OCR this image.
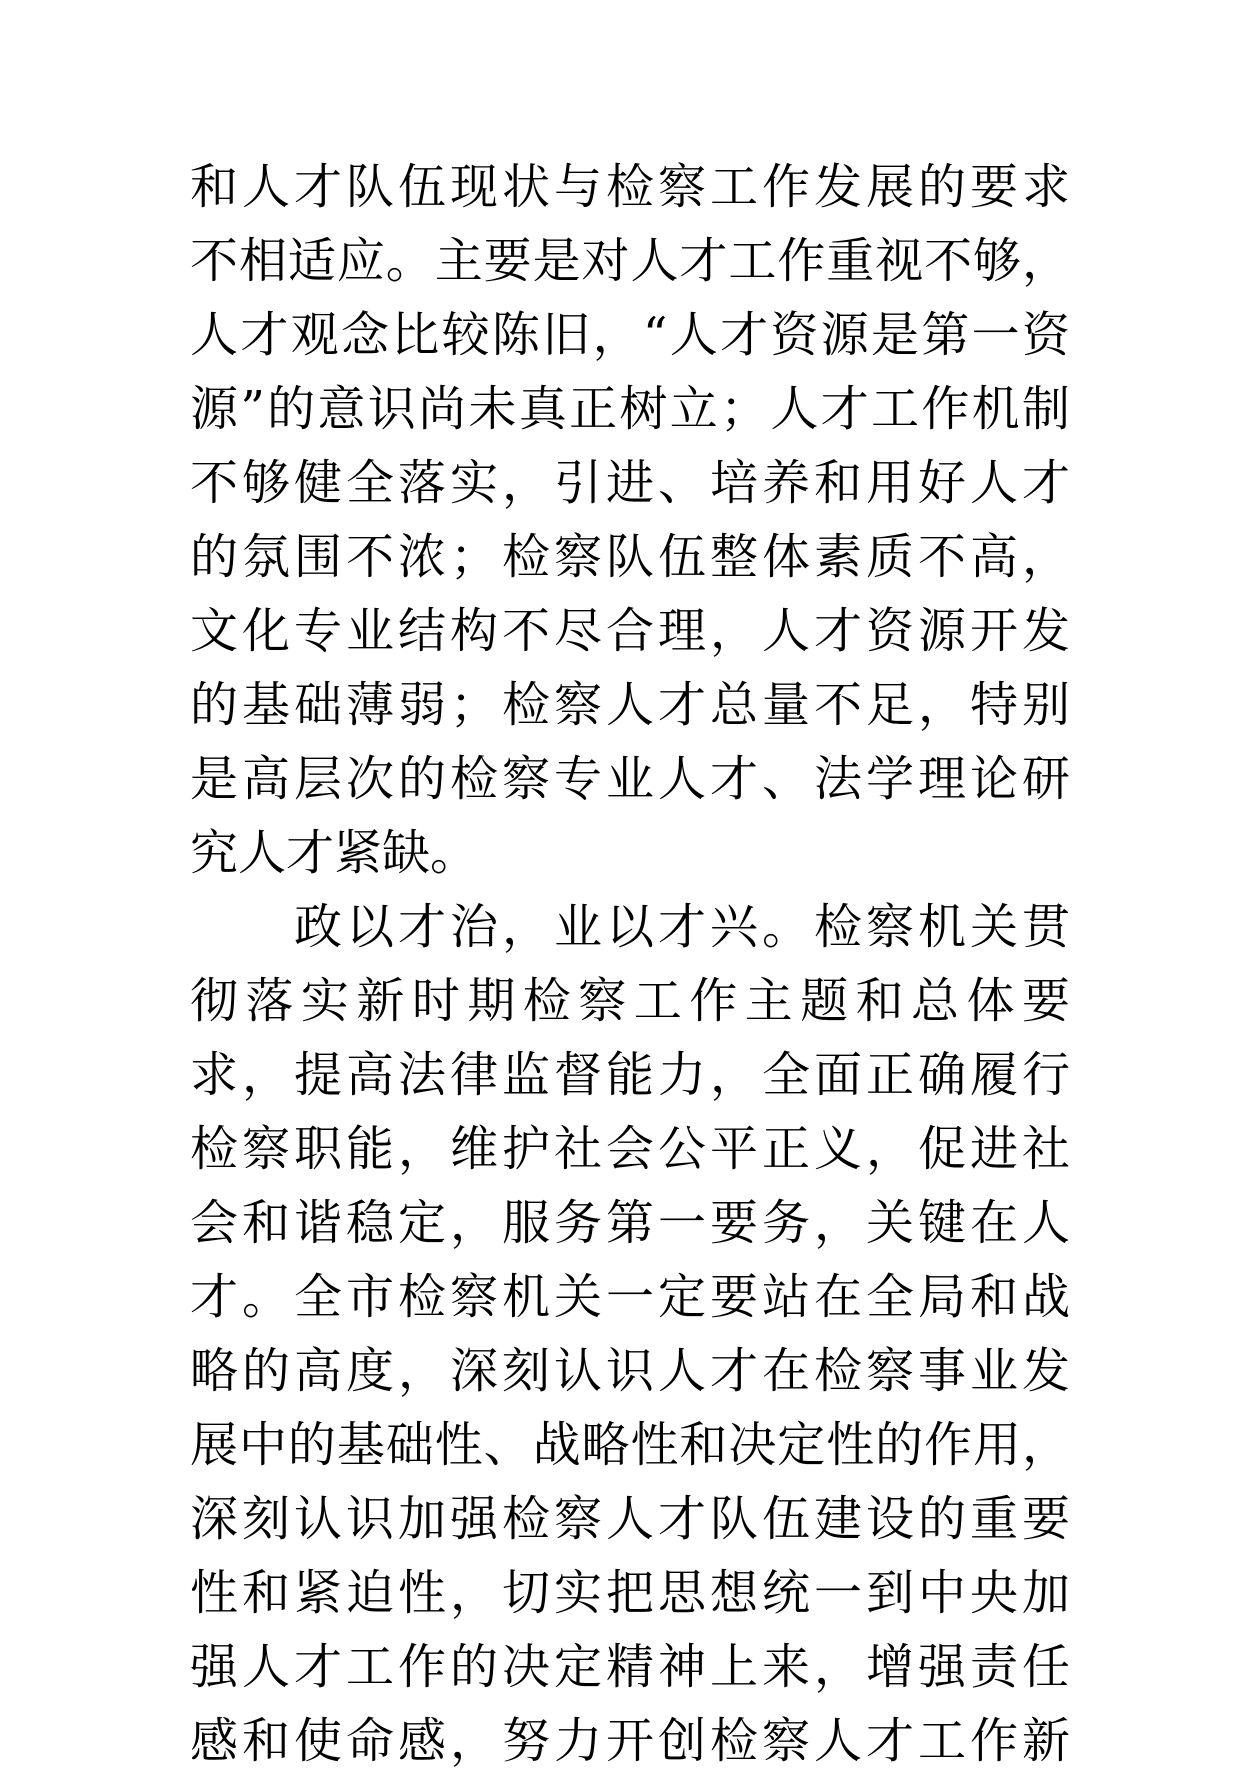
和人才队伍现状与检察工作发展的要求
不相适应。主要是对人才工作重视不够，
人才观念比较陈旧，“人才资源是第一资
源”的意识尚未真正树立；人才工作机制
不够健全落实，引进、培养和用好人才
的氛围不浓；检察队伍整体素质不高，
文化专业结构不尽合理，人才资源开发
的基础薄弱；检察人才总量不足，特别
是高层次的检察专业人才、法学理论研
究人才紧缺。
　　政以才治，业以才兴。检察机关贯
彻落实新时期检察工作主题和总体要
求，提高法律监督能力，全面正确履行
检察职能，维护社会公平正义，促进社
会和谐稳定，服务第一要务，关键在人
才。全市检察机关一定要站在全局和战
略的高度，深刻认识人才在检察事业发
展中的基础性、战略性和决定性的作用，
深刻认识加强检察人才队伍建设的重要
性和紧迫性，切实把思想统一到中央加
强人才工作的决定精神上来，增强责任
感和使命感，努力开创检察人才工作新
